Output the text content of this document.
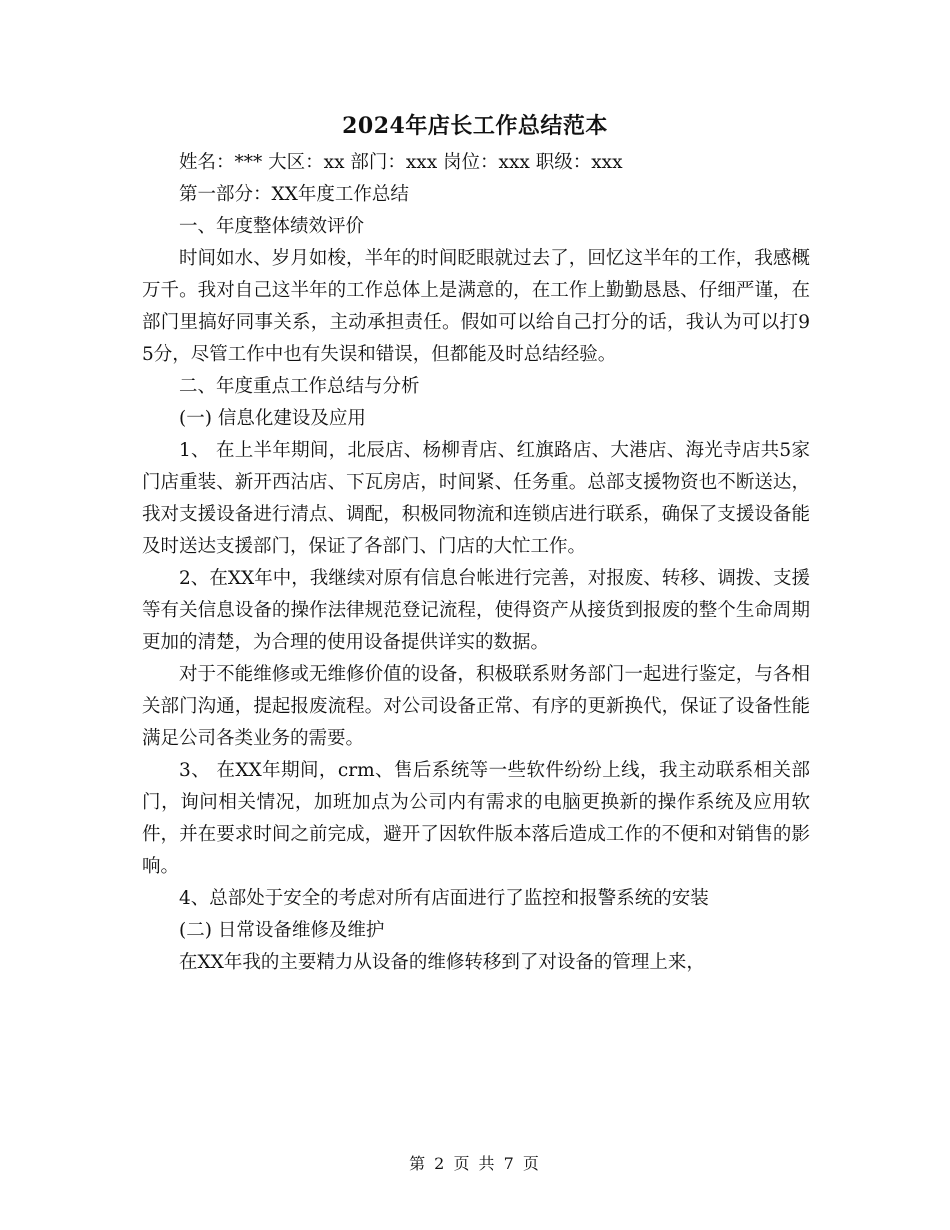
2024年店长工作总结范本

姓名：*** 大区：xx 部门：xxx 岗位：xxx 职级：xxx

第一部分：XX年度工作总结

一、年度整体绩效评价

时间如水、岁月如梭，半年的时间眨眼就过去了，回忆这半年的工作，我感概万千。我对自己这半年的工作总体上是满意的，在工作上勤勤恳恳、仔细严谨，在部门里搞好同事关系，主动承担责任。假如可以给自己打分的话，我认为可以打95分，尽管工作中也有失误和错误，但都能及时总结经验。

二、年度重点工作总结与分析

(一) 信息化建设及应用

1、 在上半年期间，北辰店、杨柳青店、红旗路店、大港店、海光寺店共5家门店重装、新开西沽店、下瓦房店，时间紧、任务重。总部支援物资也不断送达，我对支援设备进行清点、调配，积极同物流和连锁店进行联系，确保了支援设备能及时送达支援部门，保证了各部门、门店的大忙工作。

2、在XX年中，我继续对原有信息台帐进行完善，对报废、转移、调拨、支援等有关信息设备的操作法律规范登记流程，使得资产从接货到报废的整个生命周期更加的清楚，为合理的使用设备提供详实的数据。

对于不能维修或无维修价值的设备，积极联系财务部门一起进行鉴定，与各相关部门沟通，提起报废流程。对公司设备正常、有序的更新换代，保证了设备性能满足公司各类业务的需要。

3、 在XX年期间，crm、售后系统等一些软件纷纷上线，我主动联系相关部门，询问相关情况，加班加点为公司内有需求的电脑更换新的操作系统及应用软件，并在要求时间之前完成，避开了因软件版本落后造成工作的不便和对销售的影响。

4、总部处于安全的考虑对所有店面进行了监控和报警系统的安装

(二) 日常设备维修及维护

在XX年我的主要精力从设备的维修转移到了对设备的管理上来，

第 2 页 共 7 页
